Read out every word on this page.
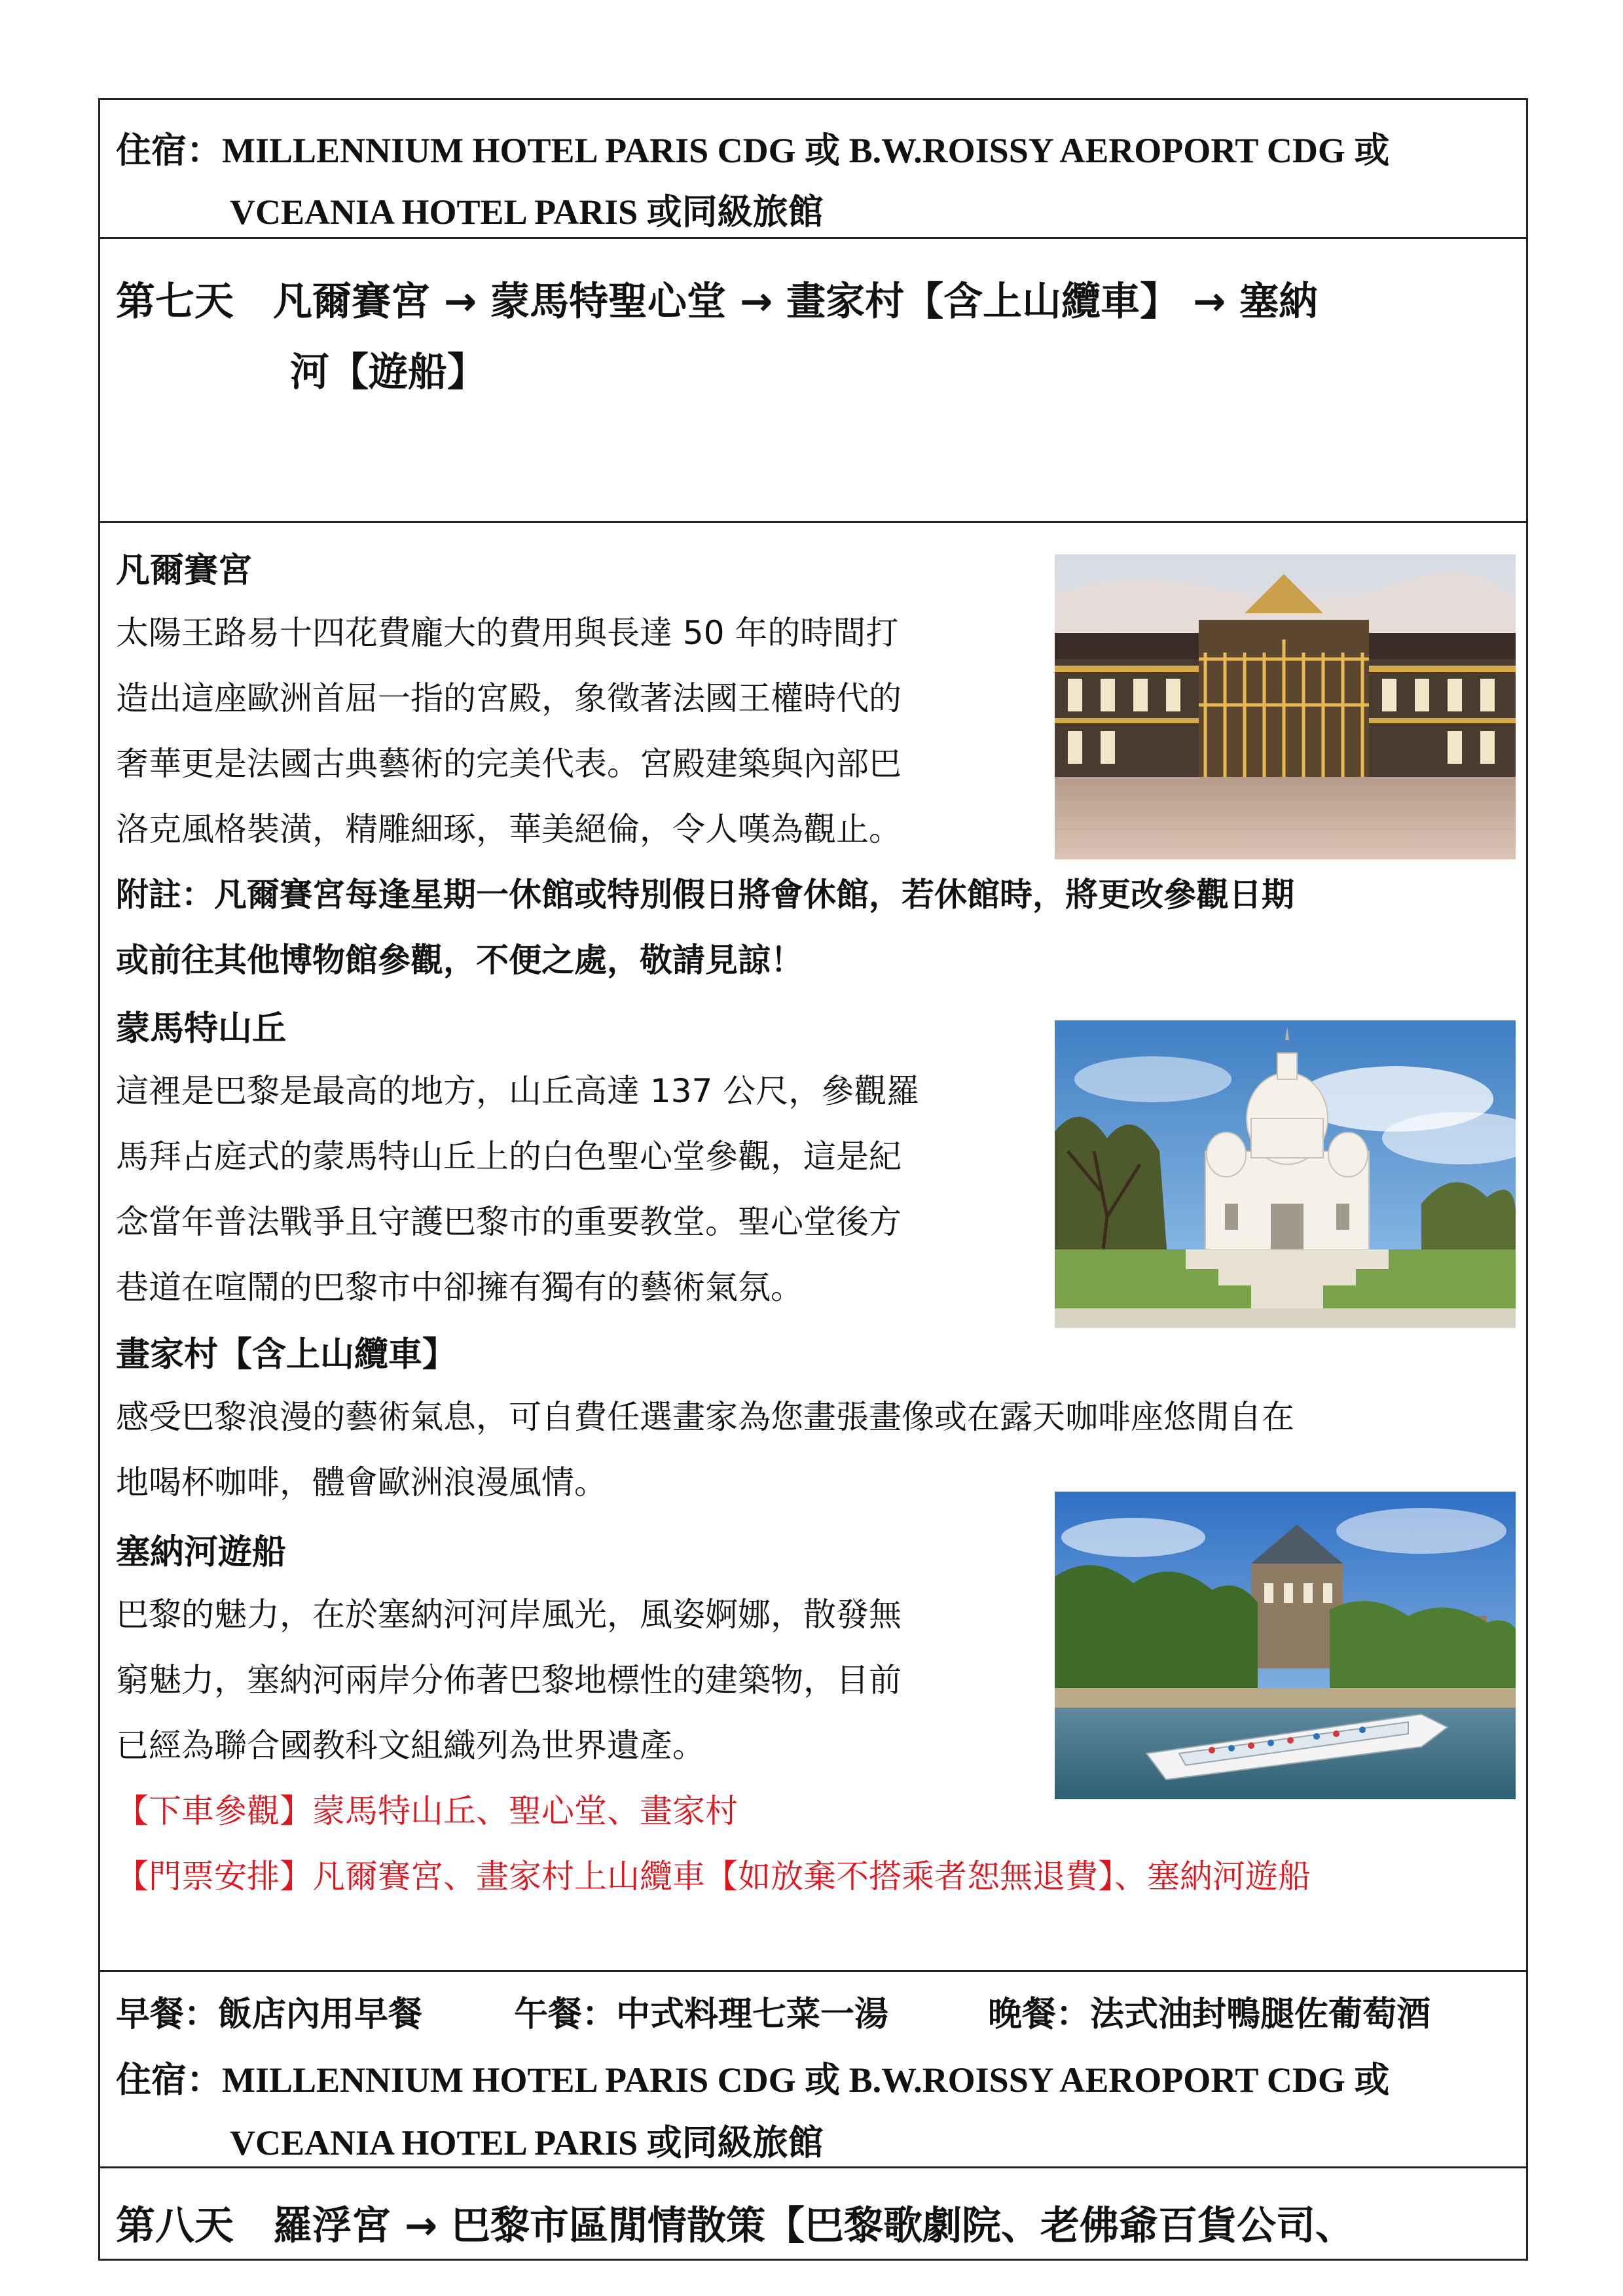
住宿：MILLENNIUM HOTEL PARIS CDG 或 B.W.ROISSY AEROPORT CDG 或
VCEANIA HOTEL PARIS 或同級旅館
第七天　凡爾賽宮 → 蒙馬特聖心堂 → 畫家村【含上山纜車】 → 塞納
河【遊船】
凡爾賽宮
太陽王路易十四花費龐大的費用與長達 50 年的時間打
造出這座歐洲首屈一指的宮殿，象徵著法國王權時代的
奢華更是法國古典藝術的完美代表。宮殿建築與內部巴
洛克風格裝潢，精雕細琢，華美絕倫，令人嘆為觀止。
附註：凡爾賽宮每逢星期一休館或特別假日將會休館，若休館時，將更改參觀日期
或前往其他博物館參觀，不便之處，敬請見諒！
蒙馬特山丘
這裡是巴黎是最高的地方，山丘高達 137 公尺，參觀羅
馬拜占庭式的蒙馬特山丘上的白色聖心堂參觀，這是紀
念當年普法戰爭且守護巴黎市的重要教堂。聖心堂後方
巷道在喧鬧的巴黎市中卻擁有獨有的藝術氣氛。
畫家村【含上山纜車】
感受巴黎浪漫的藝術氣息，可自費任選畫家為您畫張畫像或在露天咖啡座悠閒自在
地喝杯咖啡，體會歐洲浪漫風情。
塞納河遊船
巴黎的魅力，在於塞納河河岸風光，風姿婀娜，散發無
窮魅力，塞納河兩岸分佈著巴黎地標性的建築物，目前
已經為聯合國教科文組織列為世界遺產。
【下車參觀】蒙馬特山丘、聖心堂、畫家村
【門票安排】凡爾賽宮、畫家村上山纜車【如放棄不搭乘者恕無退費】、塞納河遊船
早餐：飯店內用早餐	午餐：中式料理七菜一湯	晚餐：法式油封鴨腿佐葡萄酒
住宿：MILLENNIUM HOTEL PARIS CDG 或 B.W.ROISSY AEROPORT CDG 或
VCEANIA HOTEL PARIS 或同級旅館
第八天　羅浮宮 → 巴黎市區閒情散策【巴黎歌劇院、老佛爺百貨公司、
